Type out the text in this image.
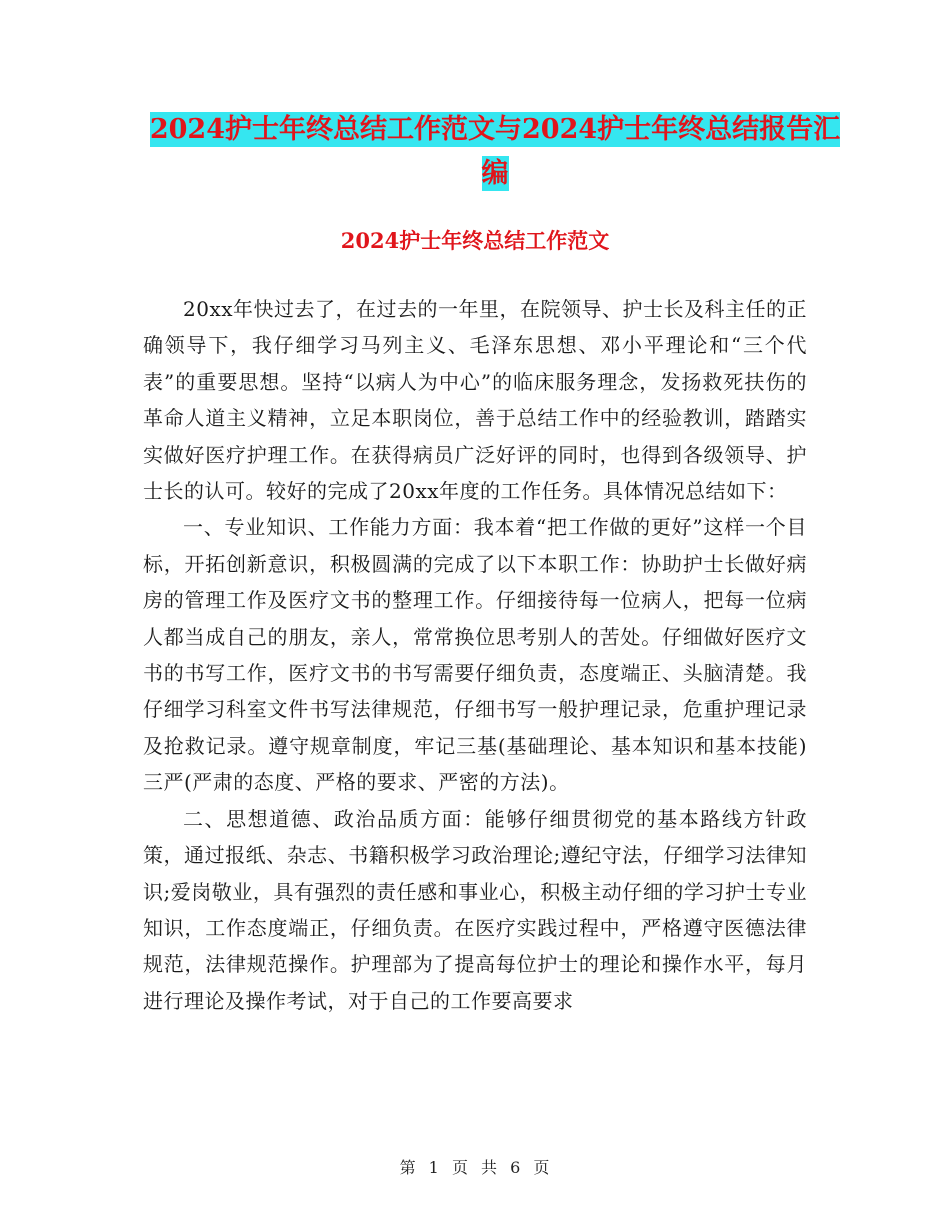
2024护士年终总结工作范文与2024护士年终总结报告汇编
2024护士年终总结工作范文

20xx年快过去了，在过去的一年里，在院领导、护士长及科主任的正确领导下，我仔细学习马列主义、毛泽东思想、邓小平理论和“三个代表”的重要思想。坚持“以病人为中心”的临床服务理念，发扬救死扶伤的革命人道主义精神，立足本职岗位，善于总结工作中的经验教训，踏踏实实做好医疗护理工作。在获得病员广泛好评的同时，也得到各级领导、护士长的认可。较好的完成了20xx年度的工作任务。具体情况总结如下：

一、专业知识、工作能力方面：我本着“把工作做的更好”这样一个目标，开拓创新意识，积极圆满的完成了以下本职工作：协助护士长做好病房的管理工作及医疗文书的整理工作。仔细接待每一位病人，把每一位病人都当成自己的朋友，亲人，常常换位思考别人的苦处。仔细做好医疗文书的书写工作，医疗文书的书写需要仔细负责，态度端正、头脑清楚。我仔细学习科室文件书写法律规范，仔细书写一般护理记录，危重护理记录及抢救记录。遵守规章制度，牢记三基(基础理论、基本知识和基本技能)三严(严肃的态度、严格的要求、严密的方法)。

二、思想道德、政治品质方面：能够仔细贯彻党的基本路线方针政策，通过报纸、杂志、书籍积极学习政治理论;遵纪守法，仔细学习法律知识;爱岗敬业，具有强烈的责任感和事业心，积极主动仔细的学习护士专业知识，工作态度端正，仔细负责。在医疗实践过程中，严格遵守医德法律规范，法律规范操作。护理部为了提高每位护士的理论和操作水平，每月进行理论及操作考试，对于自己的工作要高要求

第 1 页 共 6 页
